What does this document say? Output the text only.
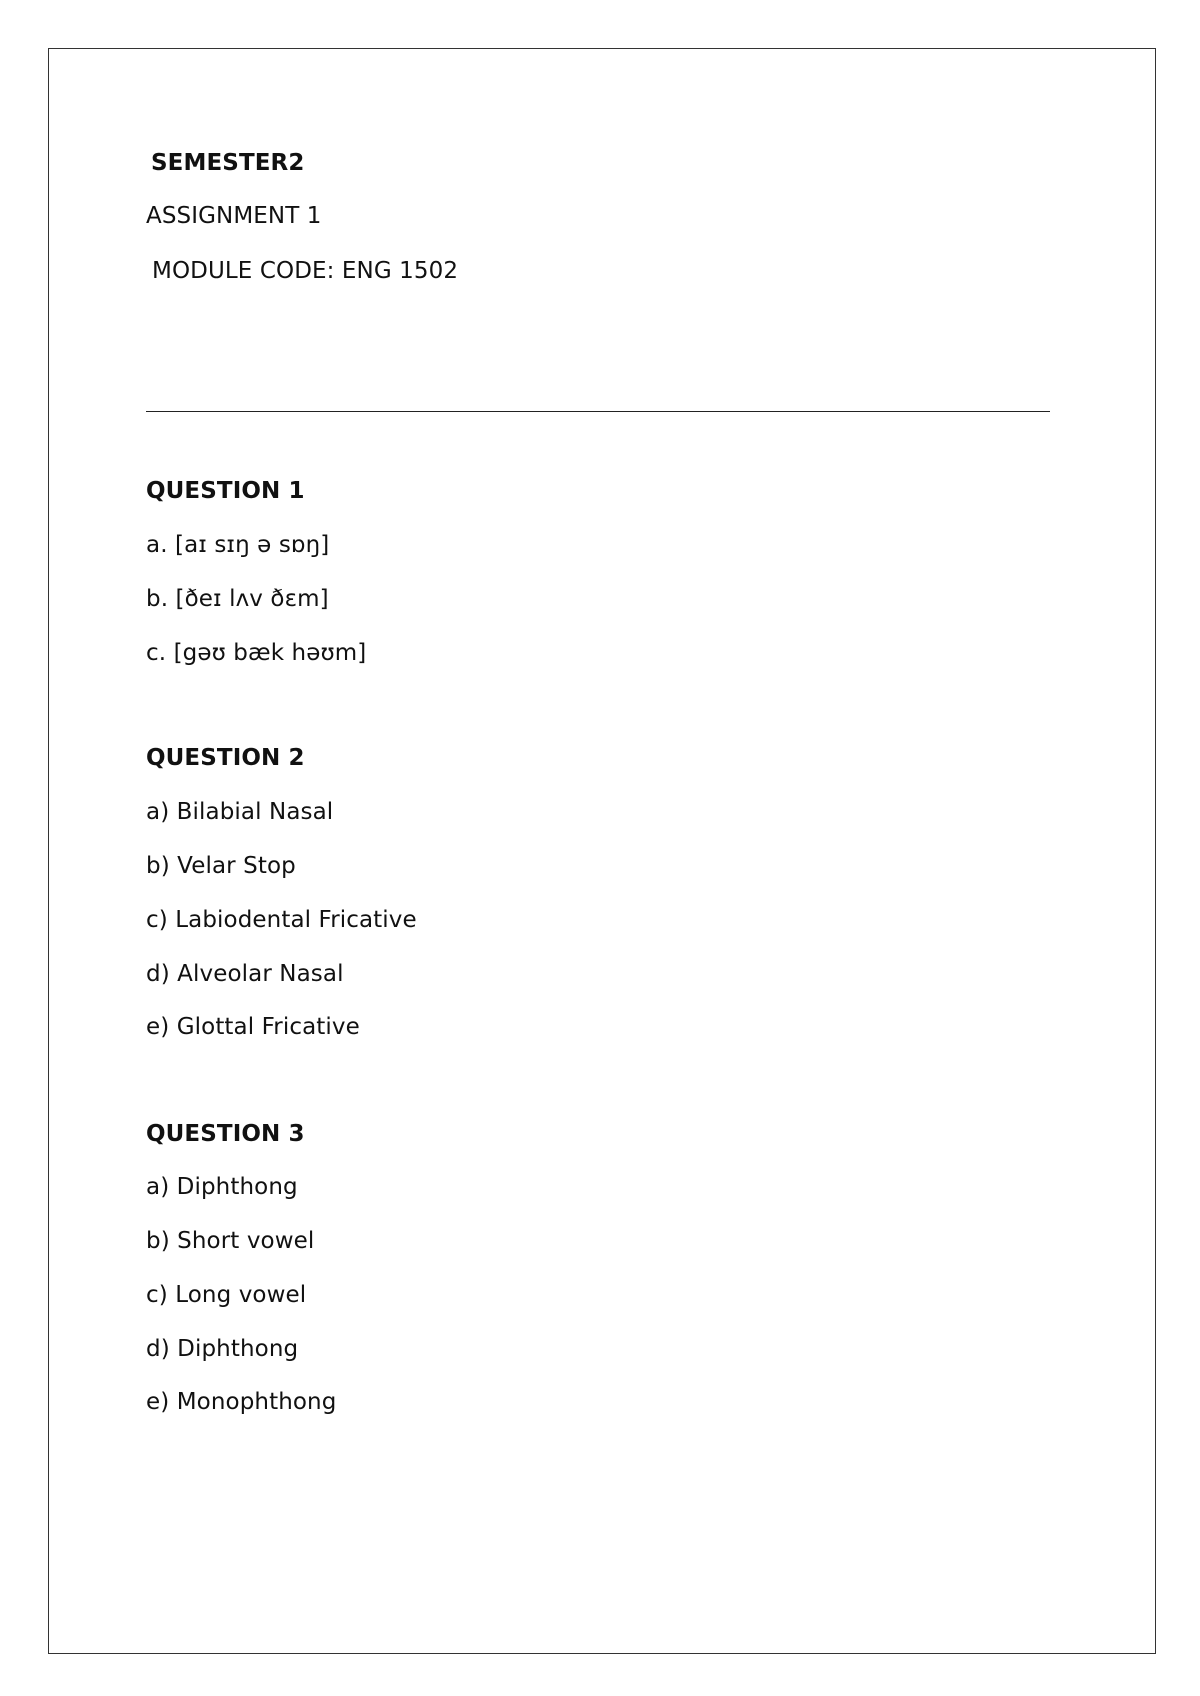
SEMESTER2
ASSIGNMENT 1
MODULE CODE: ENG 1502
QUESTION 1
a. [aɪ sɪŋ ə sɒŋ]
b. [ðeɪ lʌv ðɛm]
c. [gəʊ bæk həʊm]
QUESTION 2
a) Bilabial Nasal
b) Velar Stop
c) Labiodental Fricative
d) Alveolar Nasal
e) Glottal Fricative
QUESTION 3
a) Diphthong
b) Short vowel
c) Long vowel
d) Diphthong
e) Monophthong
